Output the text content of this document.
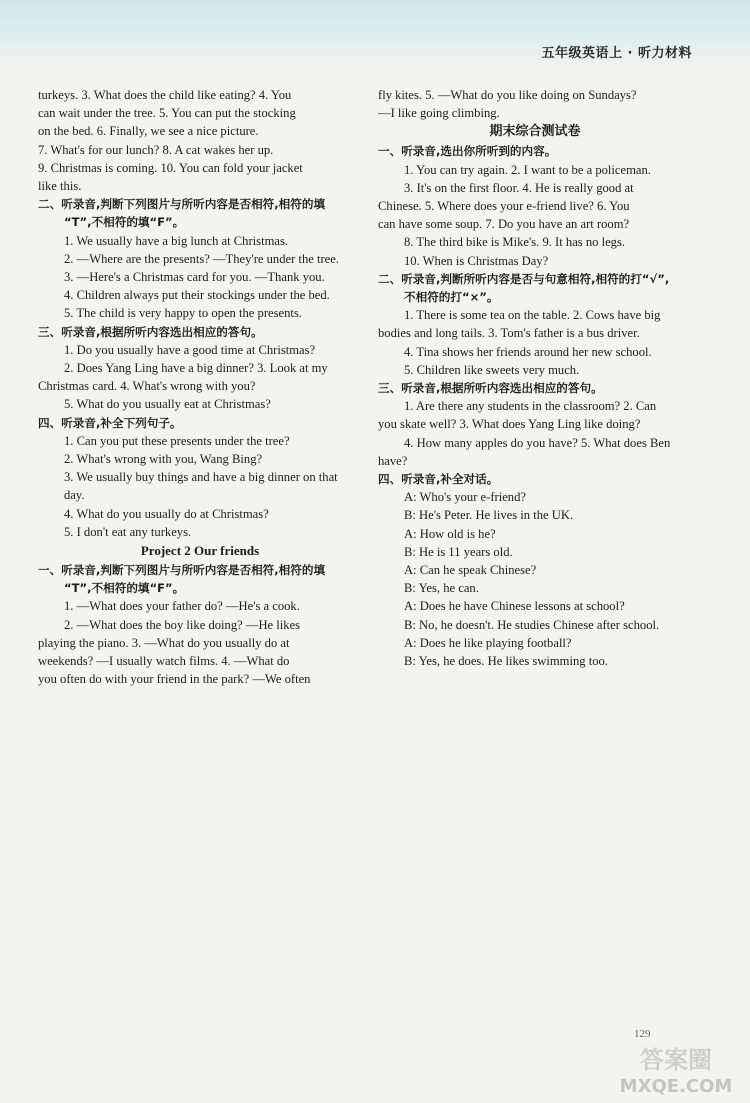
五年级英语上 · 听力材料
turkeys. 3. What does the child like eating? 4. You
can wait under the tree. 5. You can put the stocking
on the bed. 6. Finally, we see a nice picture.
7. What's for our lunch? 8. A cat wakes her up.
9. Christmas is coming. 10. You can fold your jacket
like this.
二、听录音,判断下列图片与所听内容是否相符,相符的填
“T”,不相符的填“F”。
1. We usually have a big lunch at Christmas.
2. —Where are the presents? —They're under the tree.
3. —Here's a Christmas card for you. —Thank you.
4. Children always put their stockings under the bed.
5. The child is very happy to open the presents.
三、听录音,根据所听内容选出相应的答句。
1. Do you usually have a good time at Christmas?
2. Does Yang Ling have a big dinner? 3. Look at my
Christmas card. 4. What's wrong with you?
5. What do you usually eat at Christmas?
四、听录音,补全下列句子。
1. Can you put these presents under the tree?
2. What's wrong with you, Wang Bing?
3. We usually buy things and have a big dinner on that
day.
4. What do you usually do at Christmas?
5. I don't eat any turkeys.
Project 2 Our friends
一、听录音,判断下列图片与所听内容是否相符,相符的填
“T”,不相符的填“F”。
1. —What does your father do? —He's a cook.
2. —What does the boy like doing? —He likes
playing the piano. 3. —What do you usually do at
weekends? —I usually watch films. 4. —What do
you often do with your friend in the park? —We often
fly kites. 5. —What do you like doing on Sundays?
—I like going climbing.
期末综合测试卷
一、听录音,选出你所听到的内容。
1. You can try again. 2. I want to be a policeman.
3. It's on the first floor. 4. He is really good at
Chinese. 5. Where does your e-friend live? 6. You
can have some soup. 7. Do you have an art room?
8. The third bike is Mike's. 9. It has no legs.
10. When is Christmas Day?
二、听录音,判断所听内容是否与句意相符,相符的打“√”,
不相符的打“×”。
1. There is some tea on the table. 2. Cows have big
bodies and long tails. 3. Tom's father is a bus driver.
4. Tina shows her friends around her new school.
5. Children like sweets very much.
三、听录音,根据所听内容选出相应的答句。
1. Are there any students in the classroom? 2. Can
you skate well? 3. What does Yang Ling like doing?
4. How many apples do you have? 5. What does Ben
have?
四、听录音,补全对话。
A: Who's your e-friend?
B: He's Peter. He lives in the UK.
A: How old is he?
B: He is 11 years old.
A: Can he speak Chinese?
B: Yes, he can.
A: Does he have Chinese lessons at school?
B: No, he doesn't. He studies Chinese after school.
A: Does he like playing football?
B: Yes, he does. He likes swimming too.
129
答案圈
MXQE.COM
